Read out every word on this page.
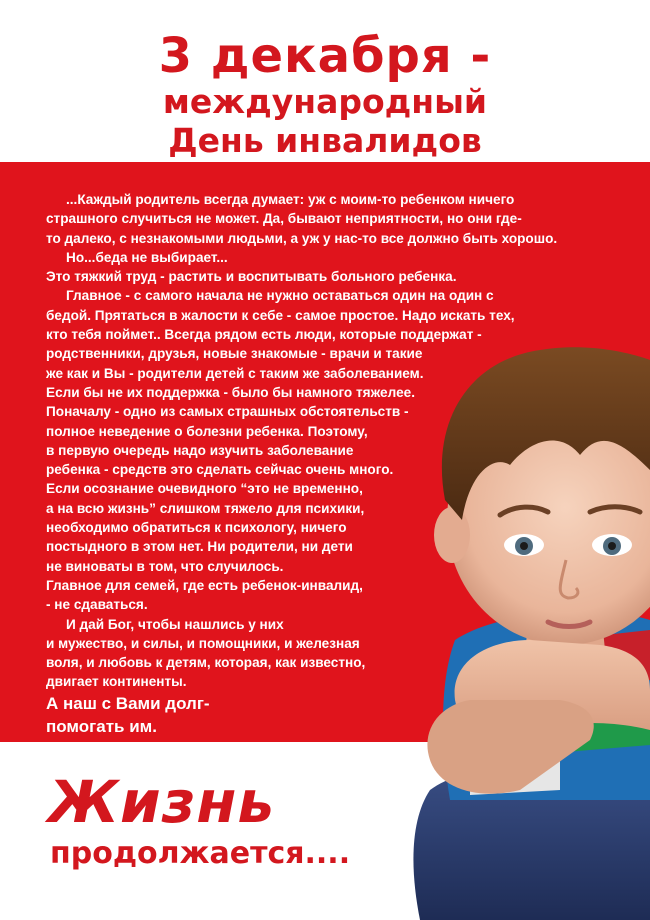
3 декабря -
международный
День инвалидов
...Каждый родитель всегда думает: уж с моим-то ребенком ничего
страшного случиться не может. Да, бывают неприятности, но они где-
то далеко, с незнакомыми людьми, а уж у нас-то все должно быть хорошо.
Но...беда не выбирает...
Это тяжкий труд - растить и воспитывать больного ребенка.
Главное - с самого начала не нужно оставаться один на один с
бедой. Прятаться в жалости к себе - самое простое. Надо искать тех,
кто тебя поймет.. Всегда рядом есть люди, которые поддержат -
родственники, друзья, новые знакомые - врачи и такие
же как и Вы - родители детей с таким же заболеванием.
Если бы не их поддержка - было бы намного тяжелее.
Поначалу - одно из самых страшных обстоятельств -
полное неведение о болезни ребенка. Поэтому,
в первую очередь надо изучить заболевание
ребенка - средств это сделать сейчас очень много.
Если осознание очевидного “это не временно,
а на всю жизнь” слишком тяжело для психики,
необходимо обратиться к психологу, ничего
постыдного в этом нет. Ни родители, ни дети
не виноваты в том, что случилось.
Главное для семей, где есть ребенок-инвалид,
- не сдаваться.
И дай Бог, чтобы нашлись у них
и мужество, и силы, и помощники, и железная
воля, и любовь к детям, которая, как известно,
двигает континенты.
А наш с Вами долг-
помогать им.
Жизнь
продолжается....
